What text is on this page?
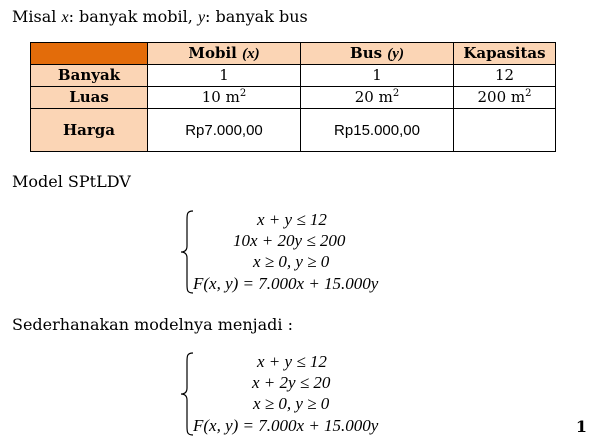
Misal x: banyak mobil, y: banyak bus
	Mobil (x)	Bus (y)	Kapasitas
Banyak	1	1	12
Luas	10 $m^2$	20 $m^2$	200 $m^2$
Harga	Rp7.000,00	Rp15.000,00	
Model SPtLDV
x + y ≤ 12
10x + 20y ≤ 200
x ≥ 0, y ≥ 0
F(x, y) = 7.000x + 15.000y
Sederhanakan modelnya menjadi :
x + y ≤ 12
x + 2y ≤ 20
x ≥ 0, y ≥ 0
F(x, y) = 7.000x + 15.000y	1
